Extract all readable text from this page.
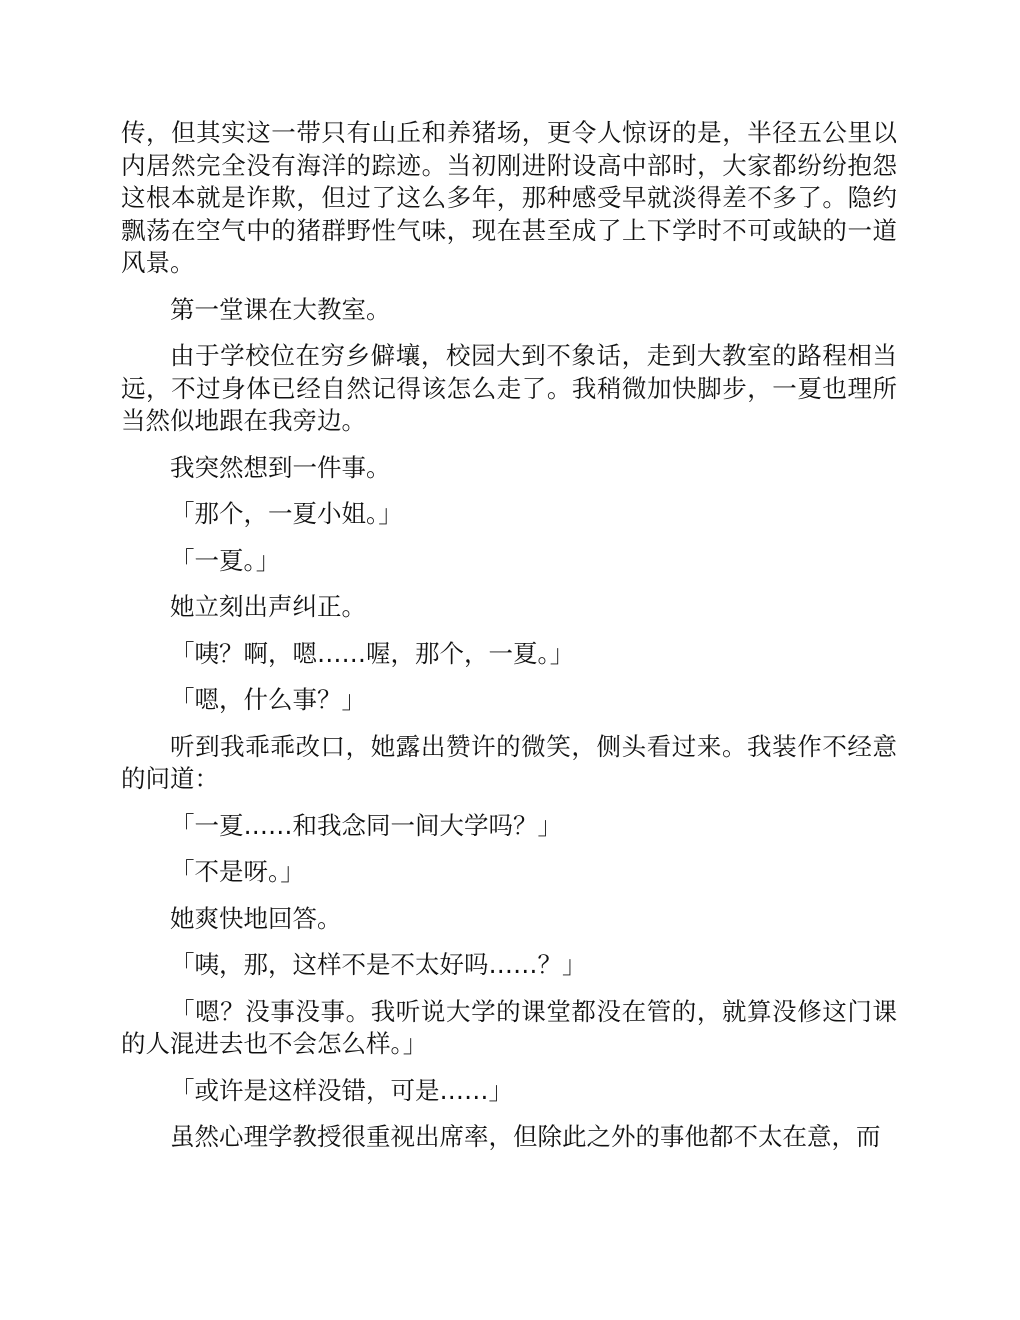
传，但其实这一带只有山丘和养猪场，更令人惊讶的是，半径五公里以
内居然完全没有海洋的踪迹。当初刚进附设高中部时，大家都纷纷抱怨
这根本就是诈欺，但过了这么多年，那种感受早就淡得差不多了。隐约
飘荡在空气中的猪群野性气味，现在甚至成了上下学时不可或缺的一道
风景。
第一堂课在大教室。
由于学校位在穷乡僻壤，校园大到不象话，走到大教室的路程相当
远，不过身体已经自然记得该怎么走了。我稍微加快脚步，一夏也理所
当然似地跟在我旁边。
我突然想到一件事。
「那个，一夏小姐。」
「一夏。」
她立刻出声纠正。
「咦？啊，嗯……喔，那个，一夏。」
「嗯，什么事？」
听到我乖乖改口，她露出赞许的微笑，侧头看过来。我装作不经意
的问道：
「一夏……和我念同一间大学吗？」
「不是呀。」
她爽快地回答。
「咦，那，这样不是不太好吗……？」
「嗯？没事没事。我听说大学的课堂都没在管的，就算没修这门课
的人混进去也不会怎么样。」
「或许是这样没错，可是……」
虽然心理学教授很重视出席率，但除此之外的事他都不太在意，而
